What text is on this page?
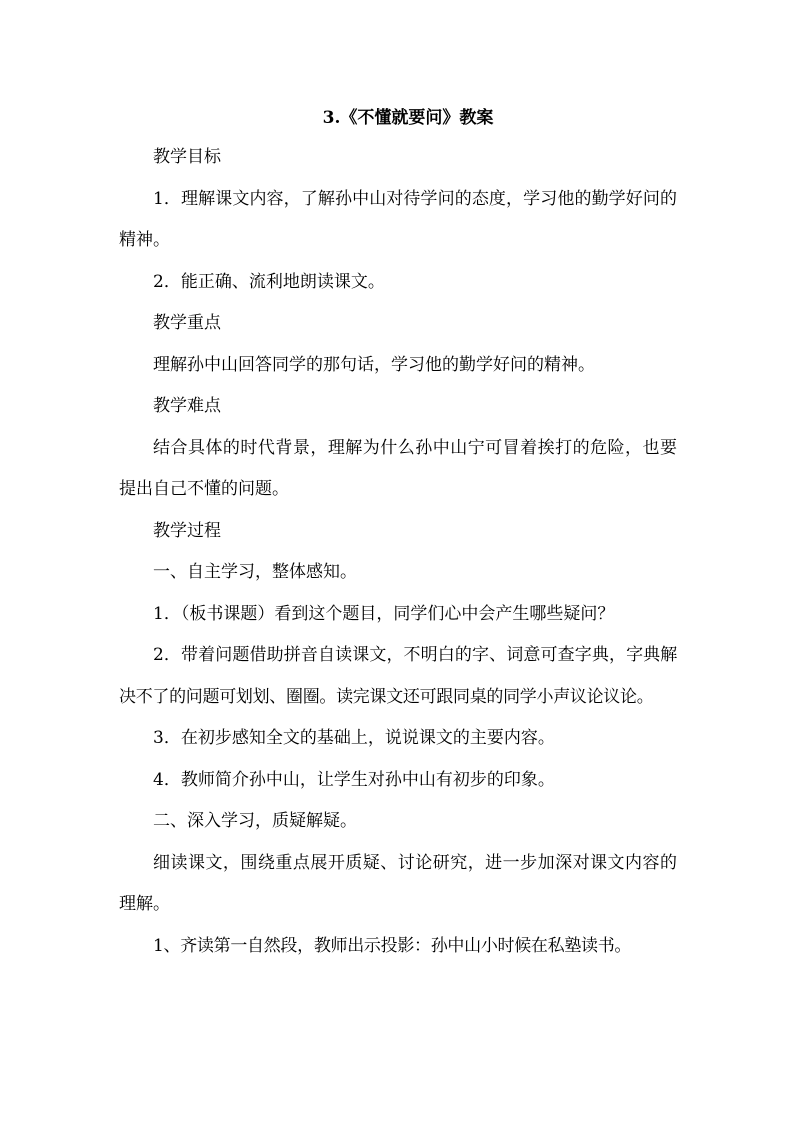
3.《不懂就要问》教案

教学目标

1．理解课文内容，了解孙中山对待学问的态度，学习他的勤学好问的精神。

2．能正确、流利地朗读课文。

教学重点

理解孙中山回答同学的那句话，学习他的勤学好问的精神。

教学难点

结合具体的时代背景，理解为什么孙中山宁可冒着挨打的危险，也要提出自己不懂的问题。

教学过程

一、自主学习，整体感知。

1．（板书课题）看到这个题目，同学们心中会产生哪些疑问？

2．带着问题借助拼音自读课文，不明白的字、词意可查字典，字典解决不了的问题可划划、圈圈。读完课文还可跟同桌的同学小声议论议论。

3．在初步感知全文的基础上，说说课文的主要内容。

4．教师简介孙中山，让学生对孙中山有初步的印象。

二、深入学习，质疑解疑。

细读课文，围绕重点展开质疑、讨论研究，进一步加深对课文内容的理解。

1、齐读第一自然段，教师出示投影：孙中山小时候在私塾读书。
